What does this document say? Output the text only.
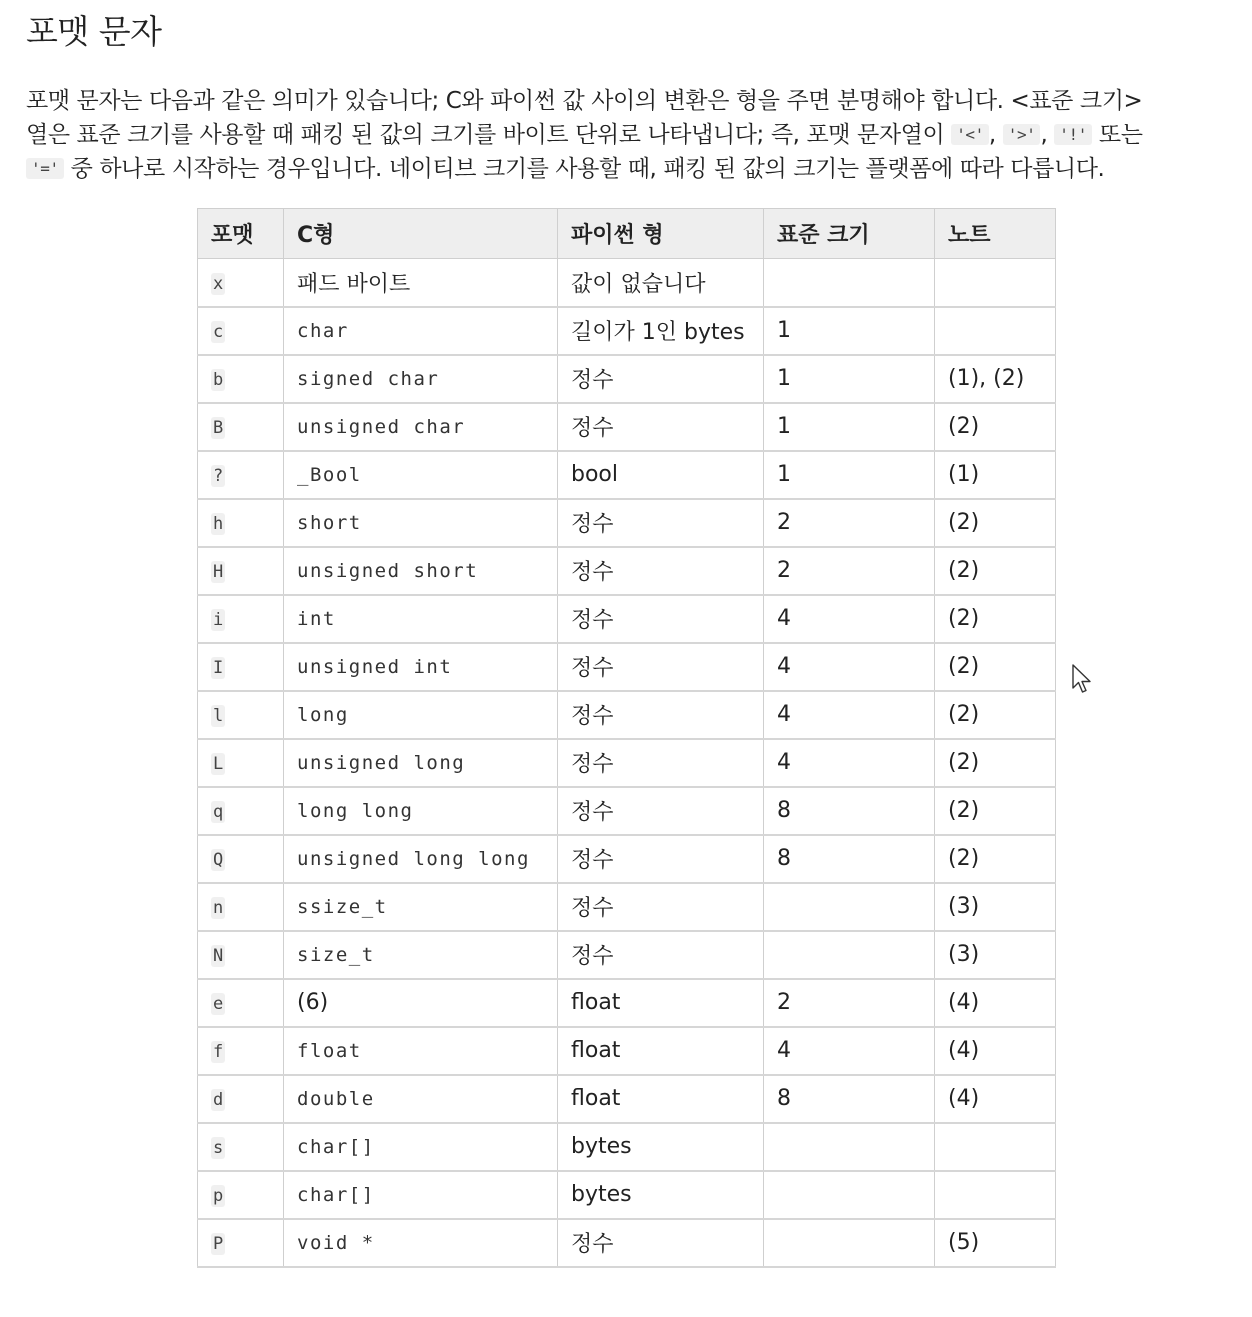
포맷 문자

포맷 문자는 다음과 같은 의미가 있습니다; C와 파이썬 값 사이의 변환은 형을 주면 분명해야 합니다. <표준 크기>
열은 표준 크기를 사용할 때 패킹 된 값의 크기를 바이트 단위로 나타냅니다; 즉, 포맷 문자열이 '<' , '>' , '!' 또는
'=' 중 하나로 시작하는 경우입니다. 네이티브 크기를 사용할 때, 패킹 된 값의 크기는 플랫폼에 따라 다릅니다.

포맷	C형	파이썬 형	표준 크기	노트
x	패드 바이트	값이 없습니다		
c	char	길이가 1인 bytes	1	
b	signed char	정수	1	(1), (2)
B	unsigned char	정수	1	(2)
?	_Bool	bool	1	(1)
h	short	정수	2	(2)
H	unsigned short	정수	2	(2)
i	int	정수	4	(2)
I	unsigned int	정수	4	(2)
l	long	정수	4	(2)
L	unsigned long	정수	4	(2)
q	long long	정수	8	(2)
Q	unsigned long long	정수	8	(2)
n	ssize_t	정수		(3)
N	size_t	정수		(3)
e	(6)	float	2	(4)
f	float	float	4	(4)
d	double	float	8	(4)
s	char[]	bytes		
p	char[]	bytes		
P	void *	정수		(5)
